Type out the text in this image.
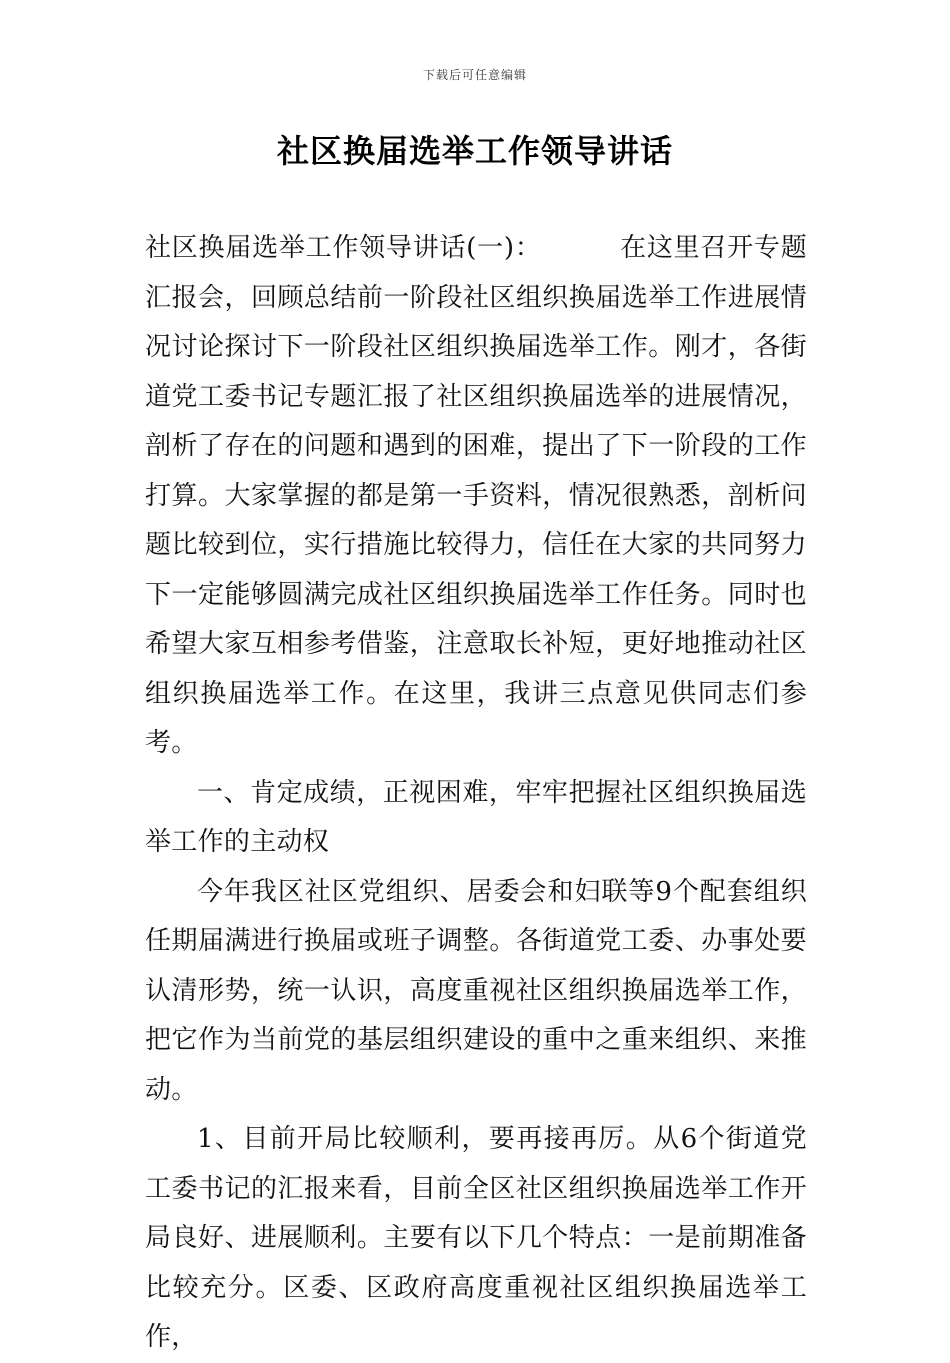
下载后可任意编辑
社区换届选举工作领导讲话

社区换届选举工作领导讲话(一)：	在这里召开专题汇报会，回顾总结前一阶段社区组织换届选举工作进展情况讨论探讨下一阶段社区组织换届选举工作。刚才，各街道党工委书记专题汇报了社区组织换届选举的进展情况，剖析了存在的问题和遇到的困难，提出了下一阶段的工作打算。大家掌握的都是第一手资料，情况很熟悉，剖析问题比较到位，实行措施比较得力，信任在大家的共同努力下一定能够圆满完成社区组织换届选举工作任务。同时也希望大家互相参考借鉴，注意取长补短，更好地推动社区组织换届选举工作。在这里，我讲三点意见供同志们参考。

一、肯定成绩，正视困难，牢牢把握社区组织换届选举工作的主动权

今年我区社区党组织、居委会和妇联等9个配套组织任期届满进行换届或班子调整。各街道党工委、办事处要认清形势，统一认识，高度重视社区组织换届选举工作，把它作为当前党的基层组织建设的重中之重来组织、来推动。

1、目前开局比较顺利，要再接再厉。从6个街道党工委书记的汇报来看，目前全区社区组织换届选举工作开局良好、进展顺利。主要有以下几个特点：一是前期准备比较充分。区委、区政府高度重视社区组织换届选举工作，
